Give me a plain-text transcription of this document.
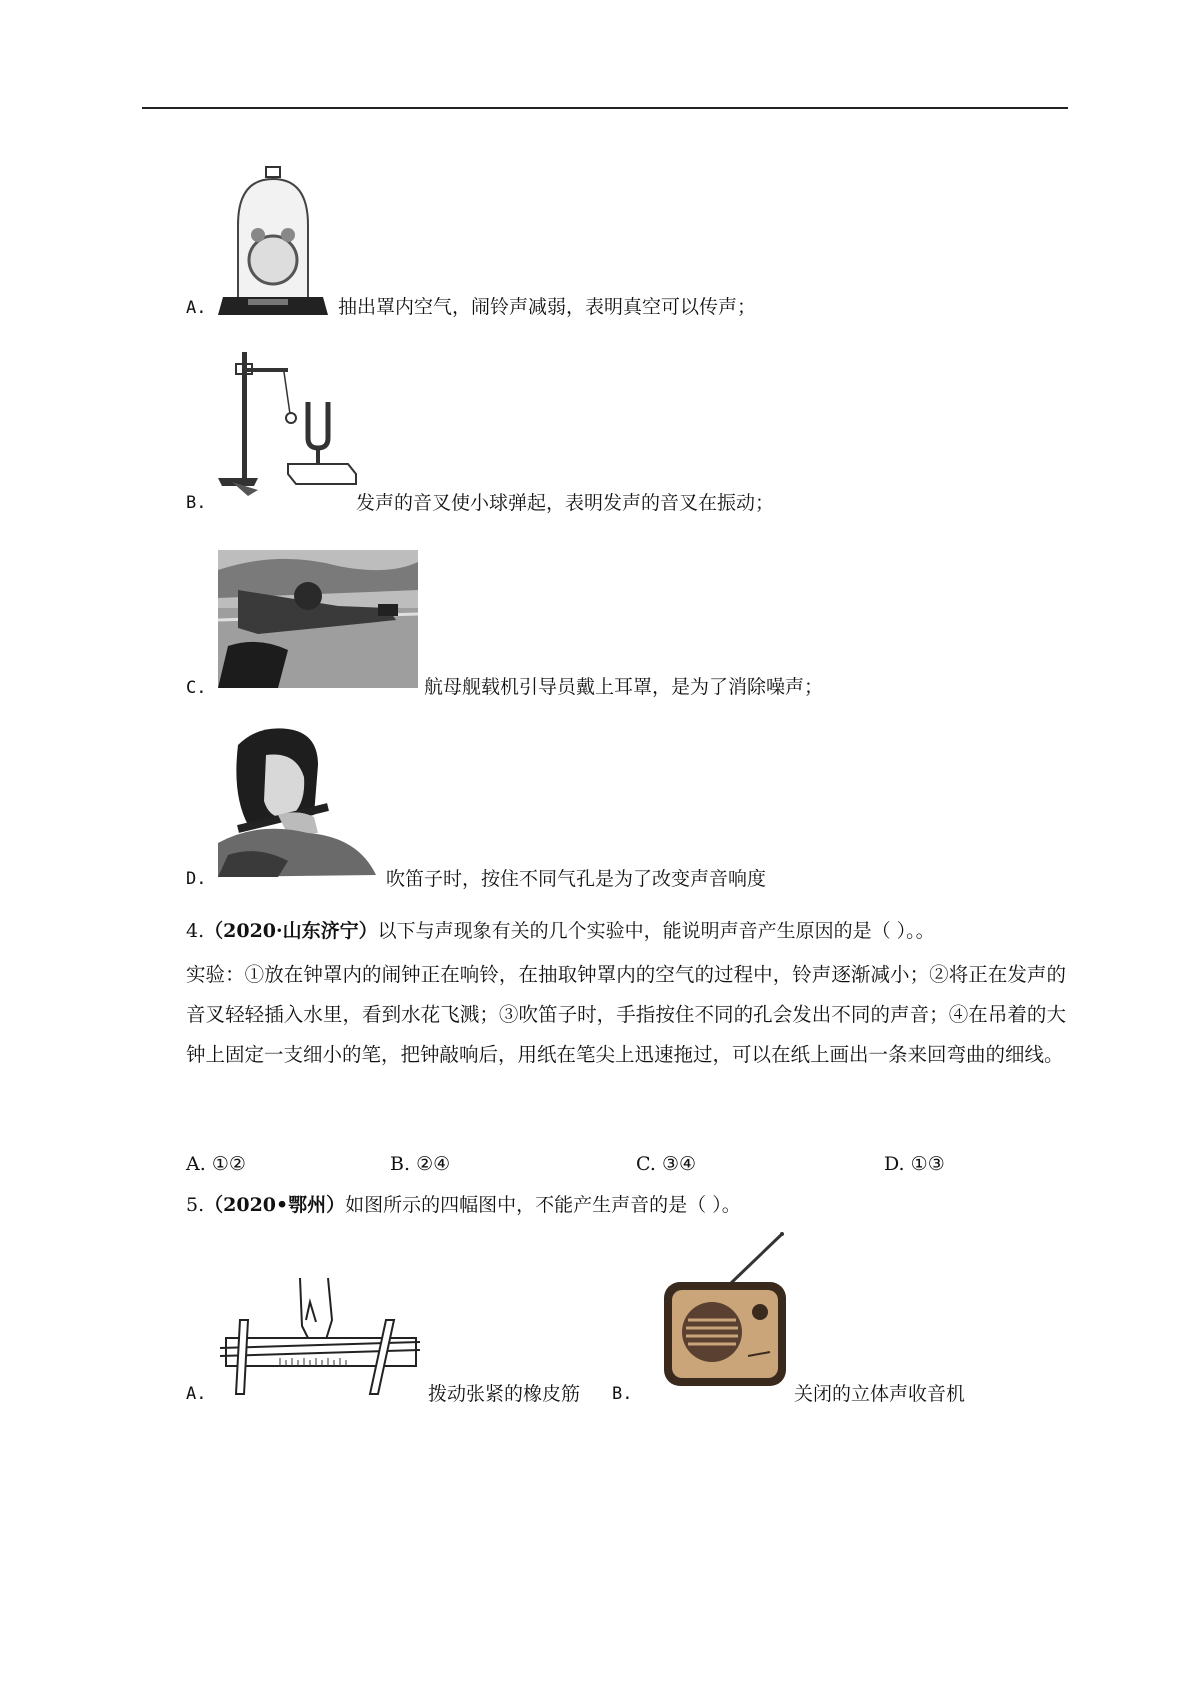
A.	抽出罩内空气，闹铃声减弱，表明真空可以传声；
B.	发声的音叉使小球弹起，表明发声的音叉在振动；
C.	航母舰载机引导员戴上耳罩，是为了消除噪声；
D.	吹笛子时，按住不同气孔是为了改变声音响度
4.（2020·山东济宁）以下与声现象有关的几个实验中，能说明声音产生原因的是（ ）。。
实验：①放在钟罩内的闹钟正在响铃，在抽取钟罩内的空气的过程中，铃声逐渐减小；②将正在发声的音叉轻轻插入水里，看到水花飞溅；③吹笛子时，手指按住不同的孔会发出不同的声音；④在吊着的大钟上固定一支细小的笔，把钟敲响后，用纸在笔尖上迅速拖过，可以在纸上画出一条来回弯曲的细线。
A. ①②	B. ②④	C. ③④	D. ①③
5.（2020•鄂州）如图所示的四幅图中，不能产生声音的是（ ）。
A.	拨动张紧的橡皮筋 B.	关闭的立体声收音机
